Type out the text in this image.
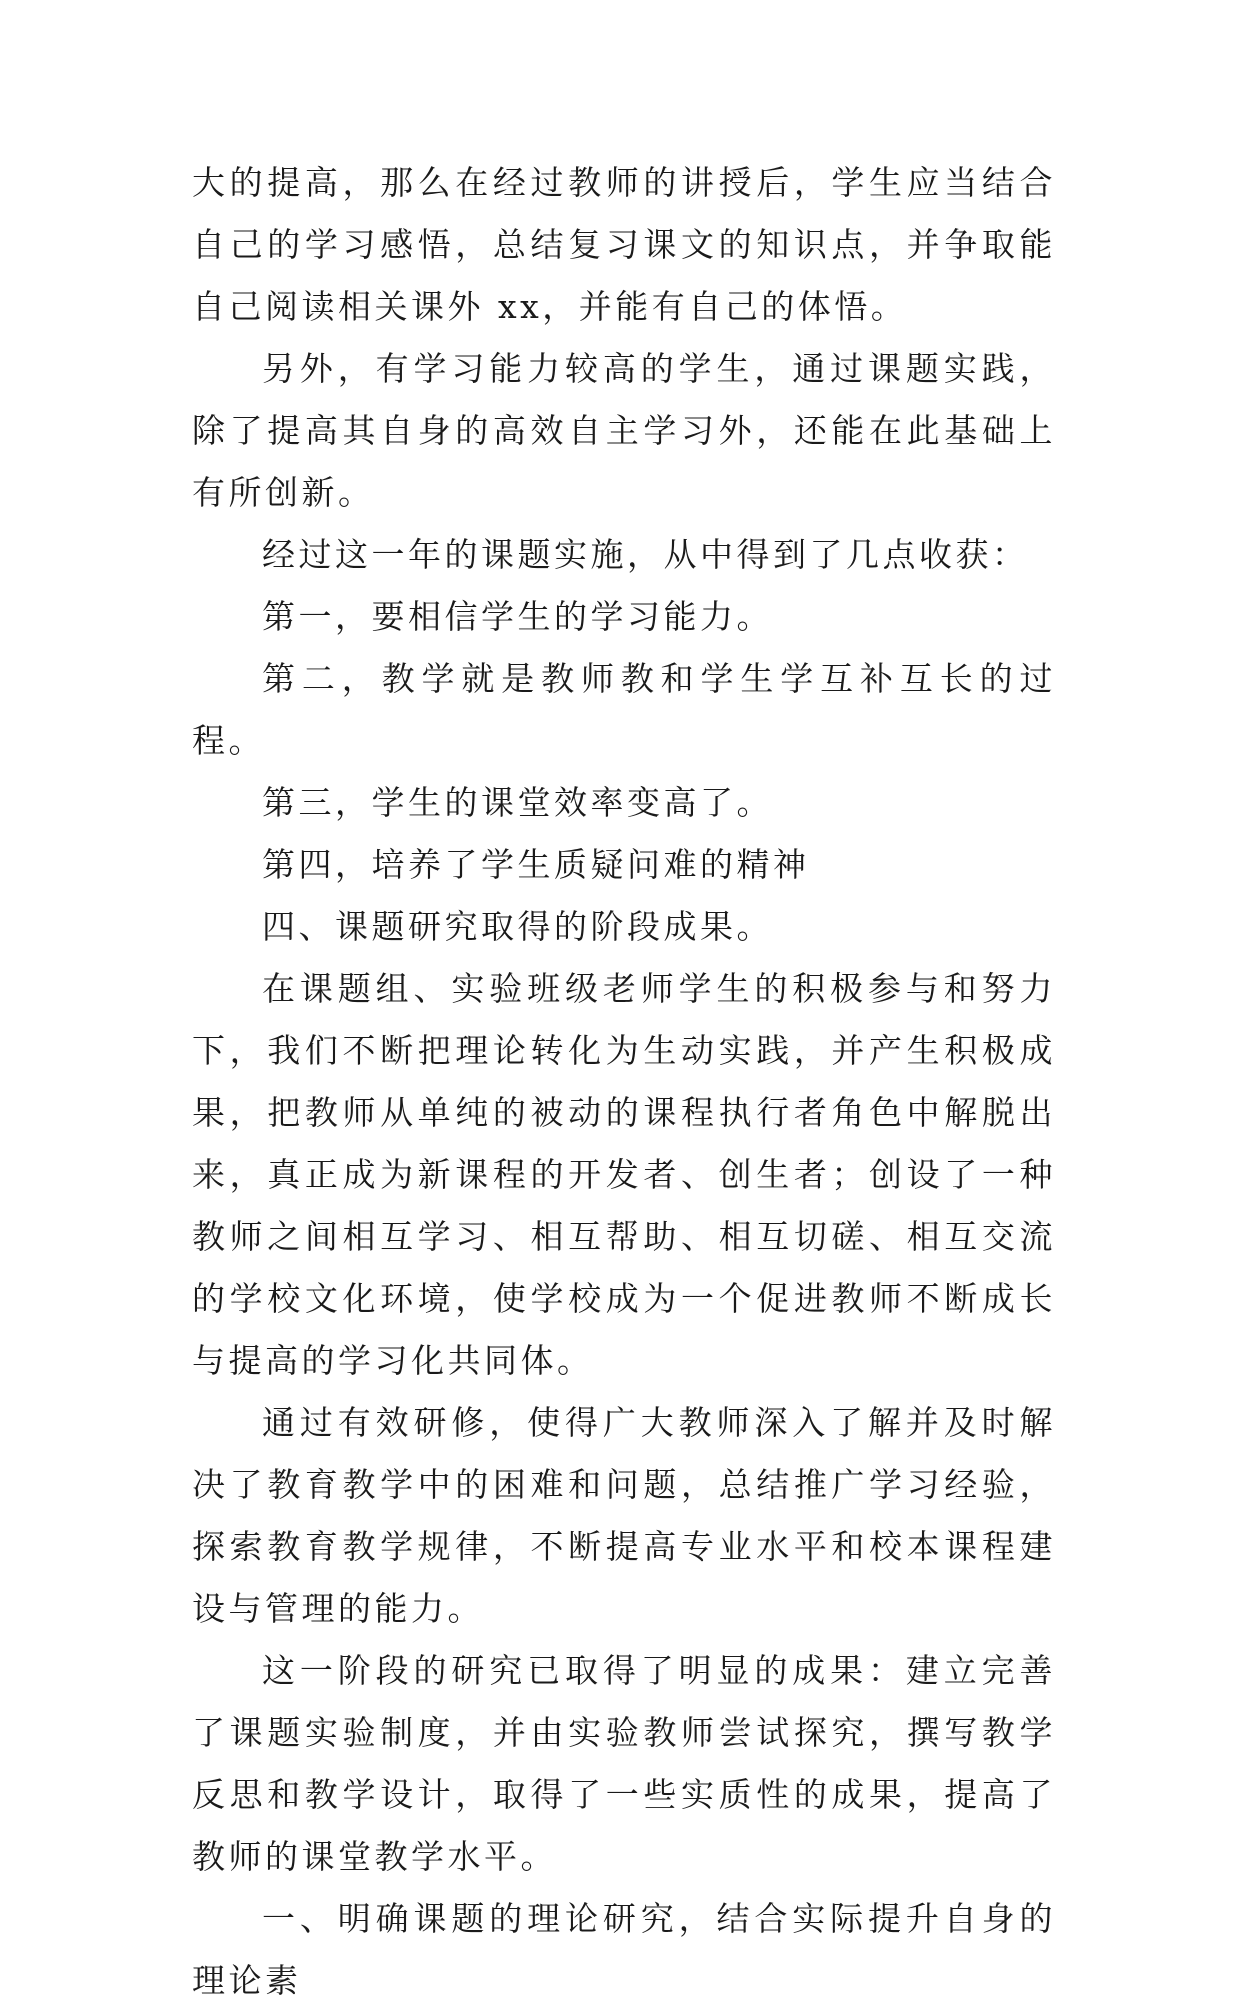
大的提高，那么在经过教师的讲授后，学生应当结合自己的学习感悟，总结复习课文的知识点，并争取能自己阅读相关课外 xx，并能有自己的体悟。

另外，有学习能力较高的学生，通过课题实践，除了提高其自身的高效自主学习外，还能在此基础上有所创新。

经过这一年的课题实施，从中得到了几点收获：

第一，要相信学生的学习能力。

第二，教学就是教师教和学生学互补互长的过程。

第三，学生的课堂效率变高了。

第四，培养了学生质疑问难的精神

四、课题研究取得的阶段成果。

在课题组、实验班级老师学生的积极参与和努力下，我们不断把理论转化为生动实践，并产生积极成果，把教师从单纯的被动的课程执行者角色中解脱出来，真正成为新课程的开发者、创生者；创设了一种教师之间相互学习、相互帮助、相互切磋、相互交流的学校文化环境，使学校成为一个促进教师不断成长与提高的学习化共同体。

通过有效研修，使得广大教师深入了解并及时解决了教育教学中的困难和问题，总结推广学习经验，探索教育教学规律，不断提高专业水平和校本课程建设与管理的能力。

这一阶段的研究已取得了明显的成果：建立完善了课题实验制度，并由实验教师尝试探究，撰写教学反思和教学设计，取得了一些实质性的成果，提高了教师的课堂教学水平。

一、明确课题的理论研究，结合实际提升自身的理论素
